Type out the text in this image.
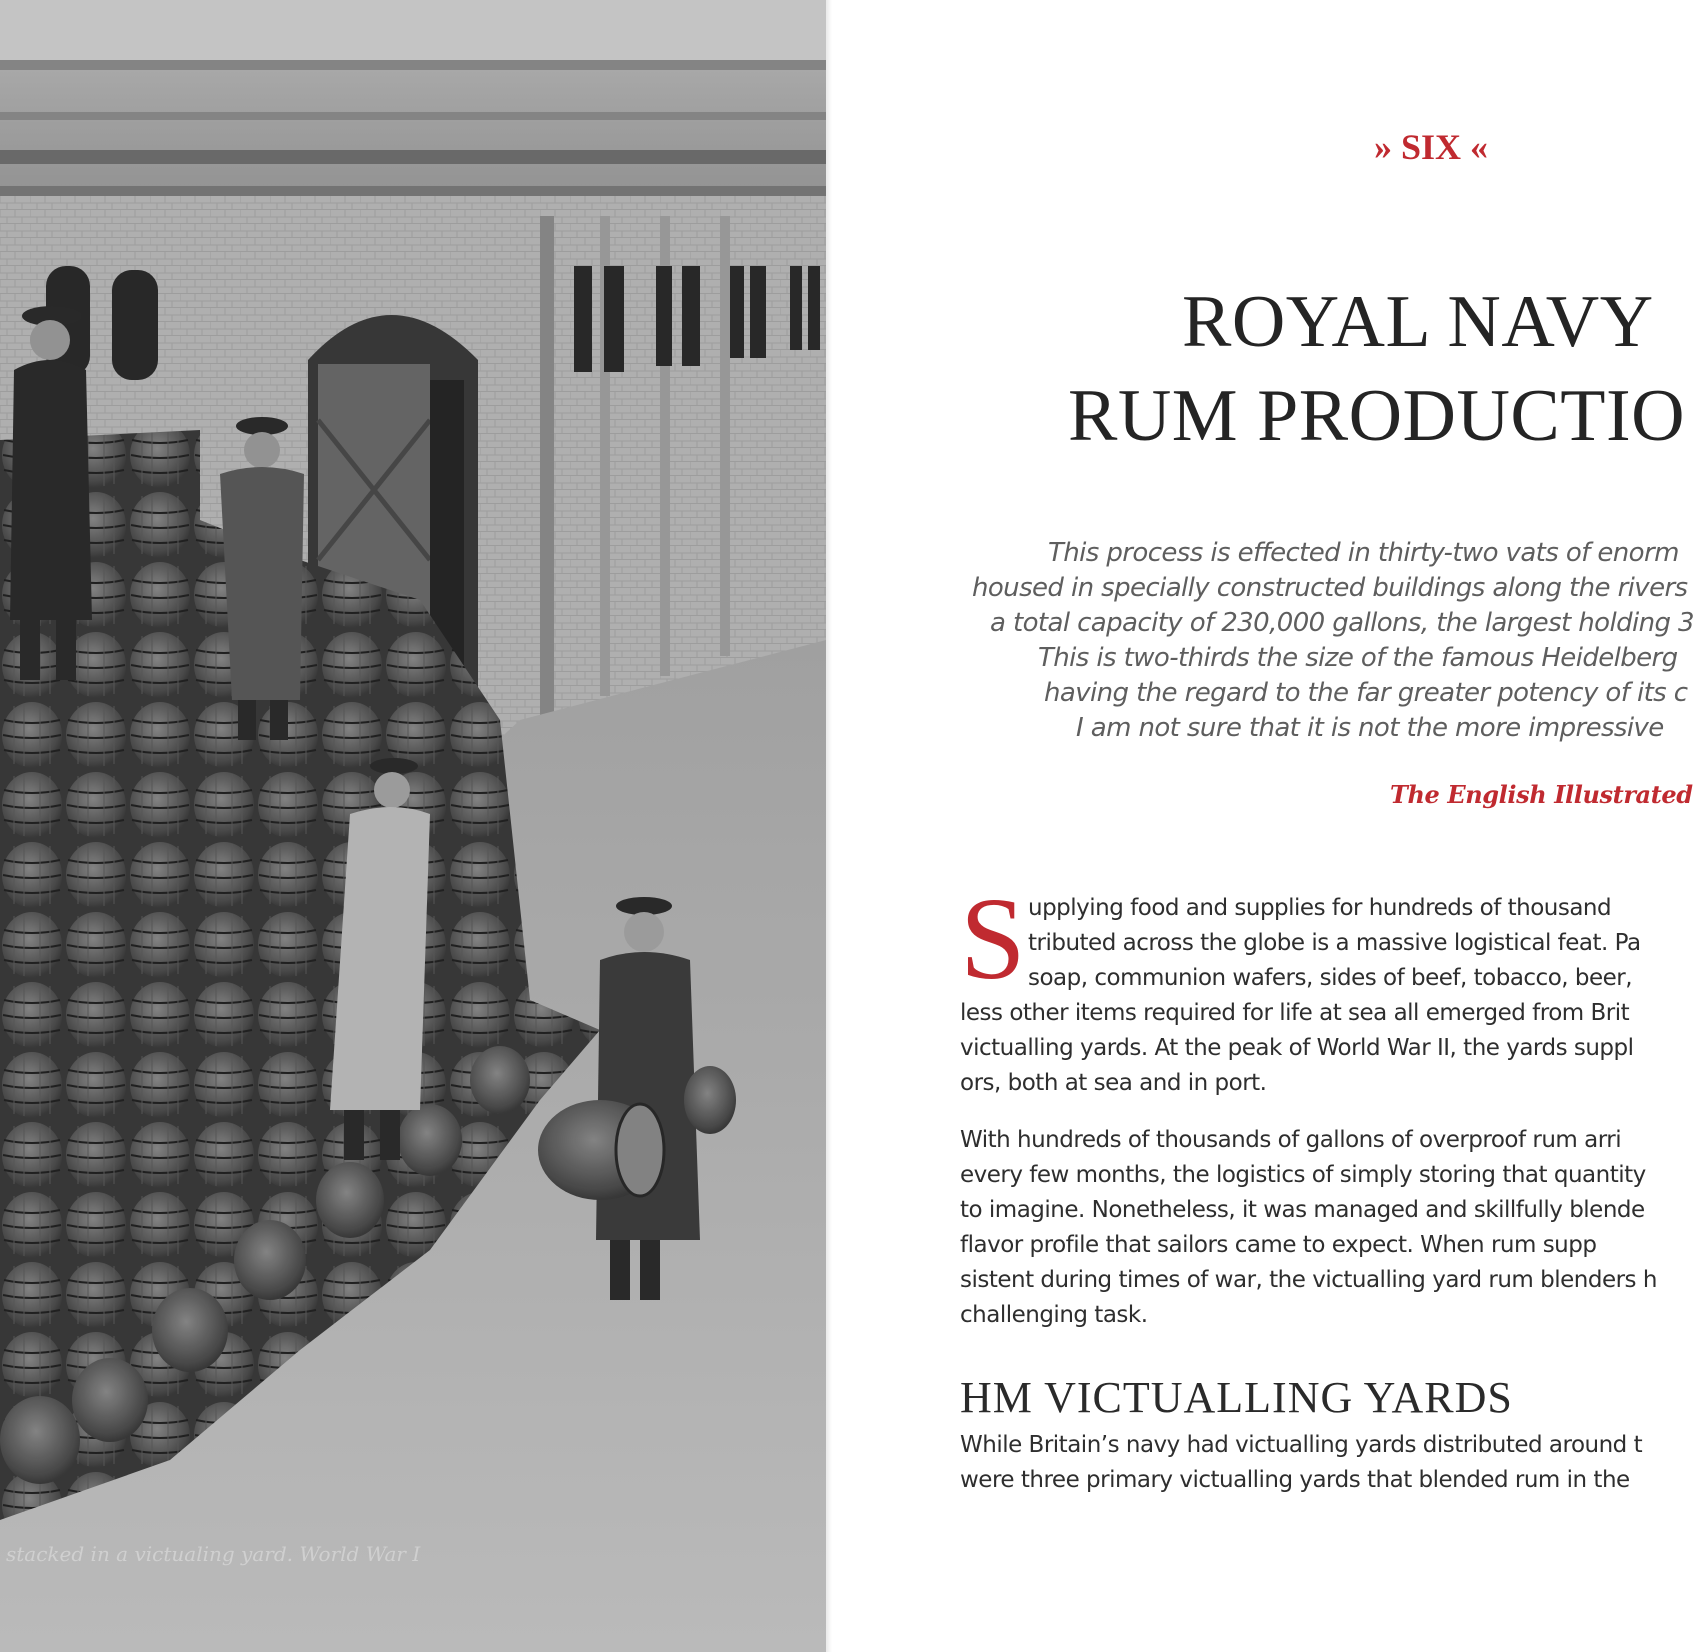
stacked in a victualing yard. World War I
» SIX «
ROYAL NAVY
RUM PRODUCTIO
This process is effected in thirty-two vats of enorm
housed in specially constructed buildings along the rivers
a total capacity of 230,000 gallons, the largest holding 3
This is two-thirds the size of the famous Heidelberg
having the regard to the far greater potency of its c
I am not sure that it is not the more impressive
The English Illustrated
S upplying food and supplies for hundreds of thousand
tributed across the globe is a massive logistical feat. Pa
soap, communion wafers, sides of beef, tobacco, beer,
less other items required for life at sea all emerged from Brit
victualling yards. At the peak of World War II, the yards suppl
ors, both at sea and in port.
With hundreds of thousands of gallons of overproof rum arri
every few months, the logistics of simply storing that quantity
to imagine. Nonetheless, it was managed and skillfully blende
flavor profile that sailors came to expect. When rum supp
sistent during times of war, the victualling yard rum blenders h
challenging task.
While Britain’s navy had victualling yards distributed around t
were three primary victualling yards that blended rum in the
HM VICTUALLING YARDS
